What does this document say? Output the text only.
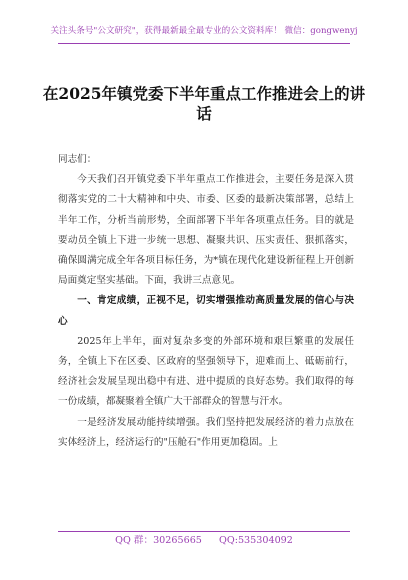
关注头条号"公文研究"，获得最新最全最专业的公文资料库！ 微信：gongwenyj
在2025年镇党委下半年重点工作推进会上的讲话

同志们：

今天我们召开镇党委下半年重点工作推进会，主要任务是深入贯彻落实党的二十大精神和中央、市委、区委的最新决策部署，总结上半年工作，分析当前形势，全面部署下半年各项重点任务。目的就是要动员全镇上下进一步统一思想、凝聚共识、压实责任、狠抓落实，确保圆满完成全年各项目标任务，为*镇在现代化建设新征程上开创新局面奠定坚实基础。下面，我讲三点意见。

一、肯定成绩，正视不足，切实增强推动高质量发展的信心与决心

2025年上半年，面对复杂多变的外部环境和艰巨繁重的发展任务，全镇上下在区委、区政府的坚强领导下，迎难而上、砥砺前行，经济社会发展呈现出稳中有进、进中提质的良好态势。我们取得的每一份成绩，都凝聚着全镇广大干部群众的智慧与汗水。

一是经济发展动能持续增强。我们坚持把发展经济的着力点放在实体经济上，经济运行的"压舱石"作用更加稳固。上

QQ 群：30265665 QQ:535304092
